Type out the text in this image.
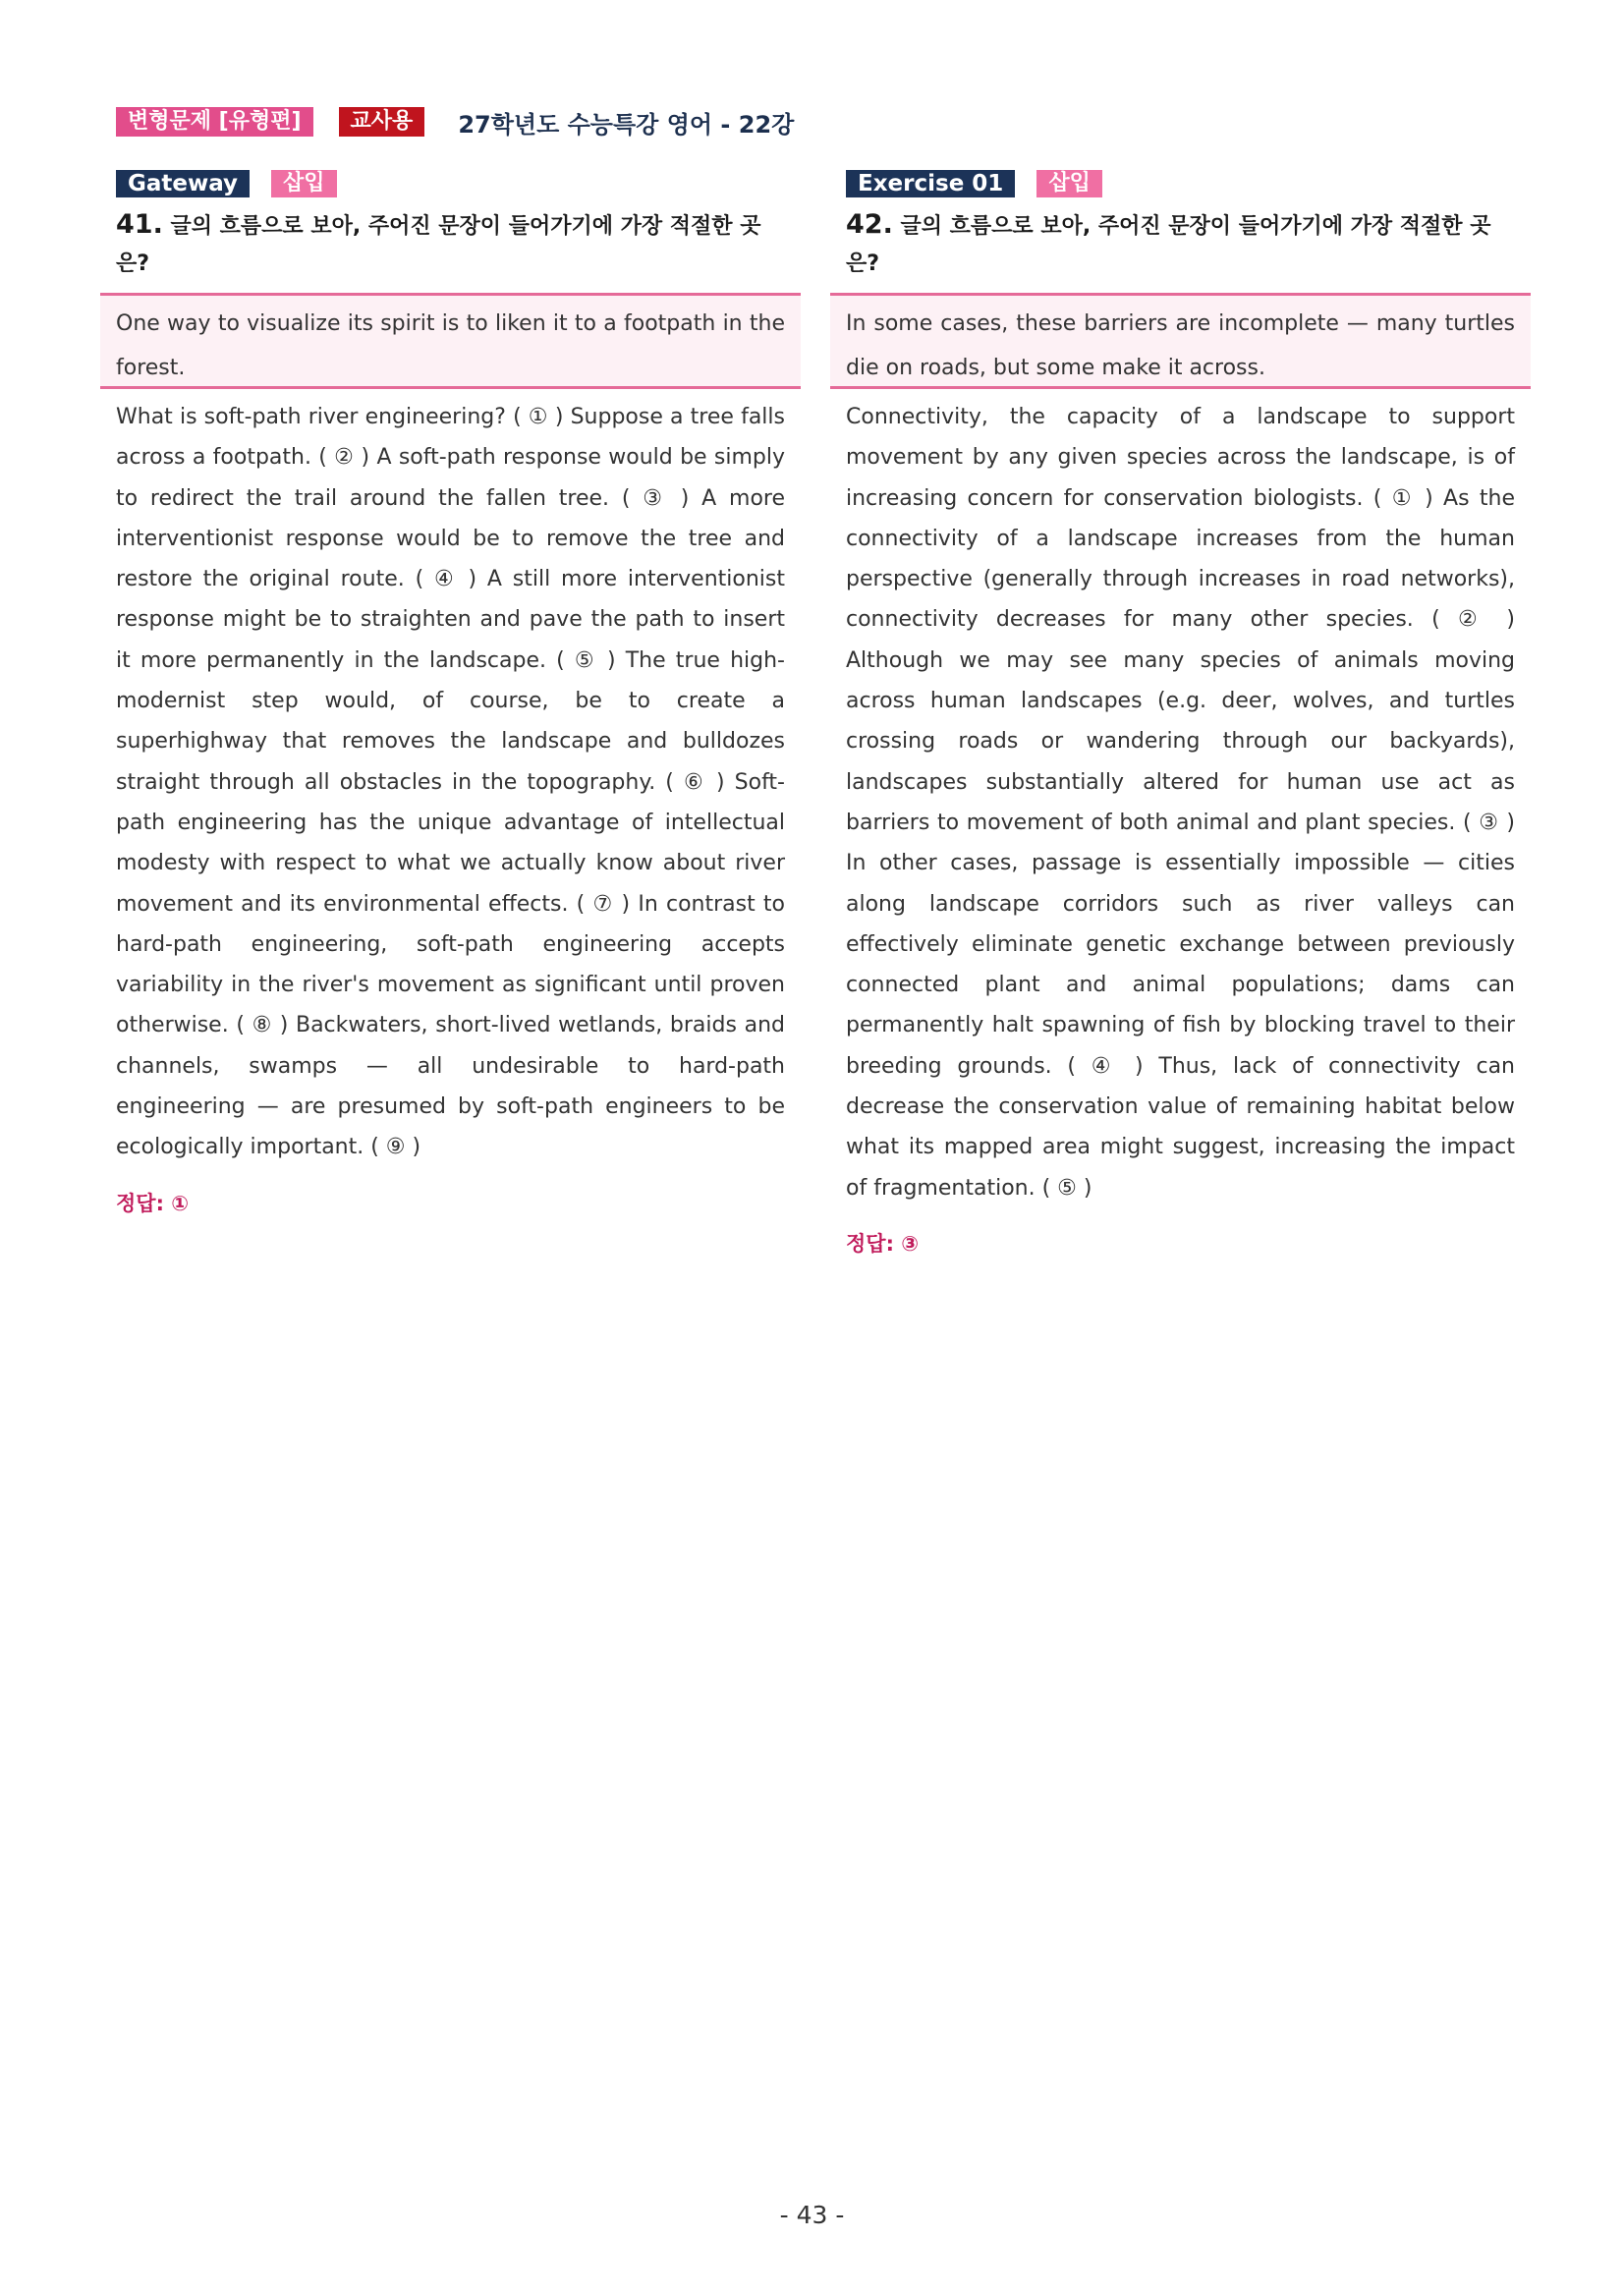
변형문제 [유형편]	교사용	27학년도 수능특강 영어 - 22강
Gateway	삽입
41. 글의 흐름으로 보아, 주어진 문장이 들어가기에 가장 적절한 곳은?
One way to visualize its spirit is to liken it to a footpath in the forest.
What is soft-path river engineering? ( ① ) Suppose a tree falls across a footpath. ( ② ) A soft-path response would be simply to redirect the trail around the fallen tree. ( ③ ) A more interventionist response would be to remove the tree and restore the original route. ( ④ ) A still more interventionist response might be to straighten and pave the path to insert it more permanently in the landscape. ( ⑤ ) The true high-modernist step would, of course, be to create a superhighway that removes the landscape and bulldozes straight through all obstacles in the topography. ( ⑥ ) Soft-path engineering has the unique advantage of intellectual modesty with respect to what we actually know about river movement and its environmental effects. ( ⑦ ) In contrast to hard-path engineering, soft-path engineering accepts variability in the river's movement as significant until proven otherwise. ( ⑧ ) Backwaters, short-lived wetlands, braids and channels, swamps — all undesirable to hard-path engineering — are presumed by soft-path engineers to be ecologically important. ( ⑨ )
정답: ①
Exercise 01	삽입
42. 글의 흐름으로 보아, 주어진 문장이 들어가기에 가장 적절한 곳은?
In some cases, these barriers are incomplete — many turtles die on roads, but some make it across.
Connectivity, the capacity of a landscape to support movement by any given species across the landscape, is of increasing concern for conservation biologists. ( ① ) As the connectivity of a landscape increases from the human perspective (generally through increases in road networks), connectivity decreases for many other species. ( ② ) Although we may see many species of animals moving across human landscapes (e.g. deer, wolves, and turtles crossing roads or wandering through our backyards), landscapes substantially altered for human use act as barriers to movement of both animal and plant species. ( ③ ) In other cases, passage is essentially impossible — cities along landscape corridors such as river valleys can effectively eliminate genetic exchange between previously connected plant and animal populations; dams can permanently halt spawning of fish by blocking travel to their breeding grounds. ( ④ ) Thus, lack of connectivity can decrease the conservation value of remaining habitat below what its mapped area might suggest, increasing the impact of fragmentation. ( ⑤ )
정답: ③
- 43 -
